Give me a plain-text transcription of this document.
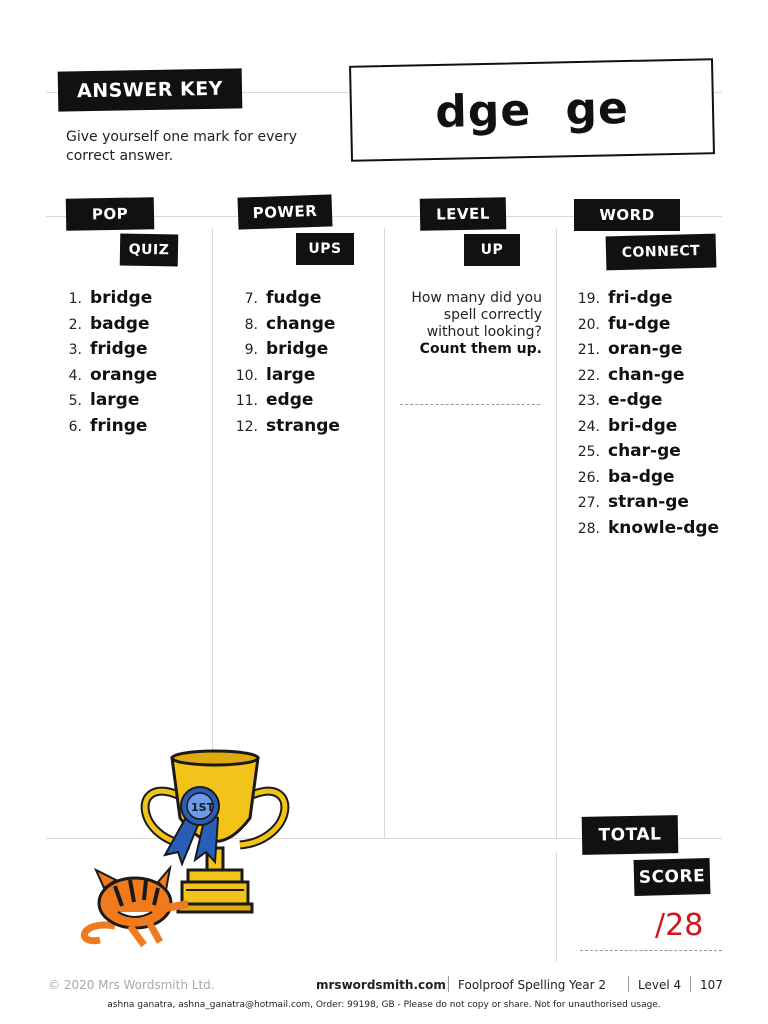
ANSWER KEY	dge ge
Give yourself one mark for every correct answer.
POP
QUIZ
POWER
UPS
LEVEL
UP
WORD
CONNECT
1. bridge
2. badge
3. fridge
4. orange
5. large
6. fringe
7. fudge
8. change
9. bridge
10. large
11. edge
12. strange
How many did you spell correctly without looking?
Count them up.
19. fri-dge
20. fu-dge
21. oran-ge
22. chan-ge
23. e-dge
24. bri-dge
25. char-ge
26. ba-dge
27. stran-ge
28. knowle-dge
1ST
TOTAL
SCORE
/28
© 2020 Mrs Wordsmith Ltd.	mrswordsmith.com Foolproof Spelling Year 2	Level 4 107
ashna ganatra, ashna_ganatra@hotmail.com, Order: 99198, GB - Please do not copy or share. Not for unauthorised usage.
